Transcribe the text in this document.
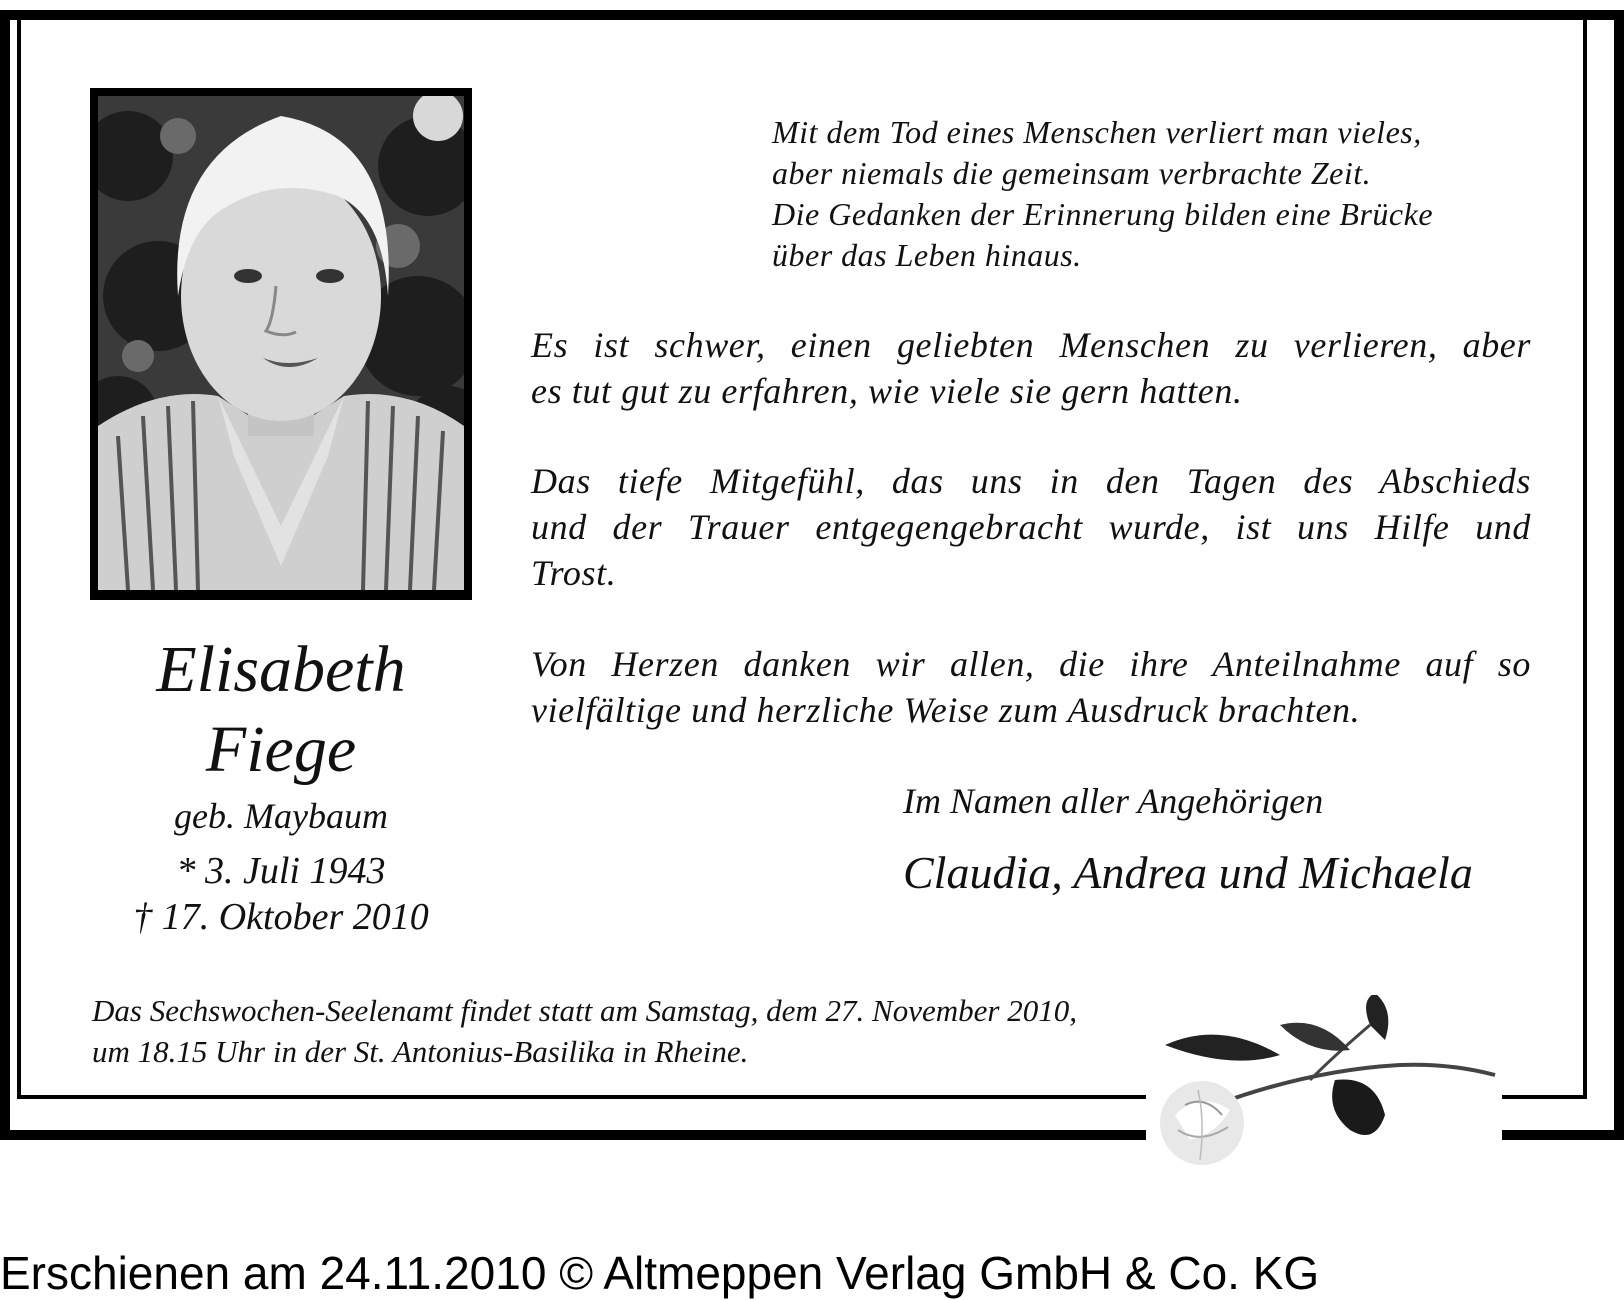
Mit dem Tod eines Menschen verliert man vieles,
aber niemals die gemeinsam verbrachte Zeit.
Die Gedanken der Erinnerung bilden eine Brücke
über das Leben hinaus.
Es ist schwer, einen geliebten Menschen zu verlieren, aber
es tut gut zu erfahren, wie viele sie gern hatten.
Das tiefe Mitgefühl, das uns in den Tagen des Abschieds
und der Trauer entgegengebracht wurde, ist uns Hilfe und
Trost.
Von Herzen danken wir allen, die ihre Anteilnahme auf so
vielfältige und herzliche Weise zum Ausdruck brachten.
Im Namen aller Angehörigen
Claudia, Andrea und Michaela
Elisabeth
Fiege
geb. Maybaum
* 3. Juli 1943
† 17. Oktober 2010
Das Sechswochen-Seelenamt findet statt am Samstag, dem 27. November 2010,
um 18.15 Uhr in der St. Antonius-Basilika in Rheine.
Erschienen am 24.11.2010 © Altmeppen Verlag GmbH & Co. KG
